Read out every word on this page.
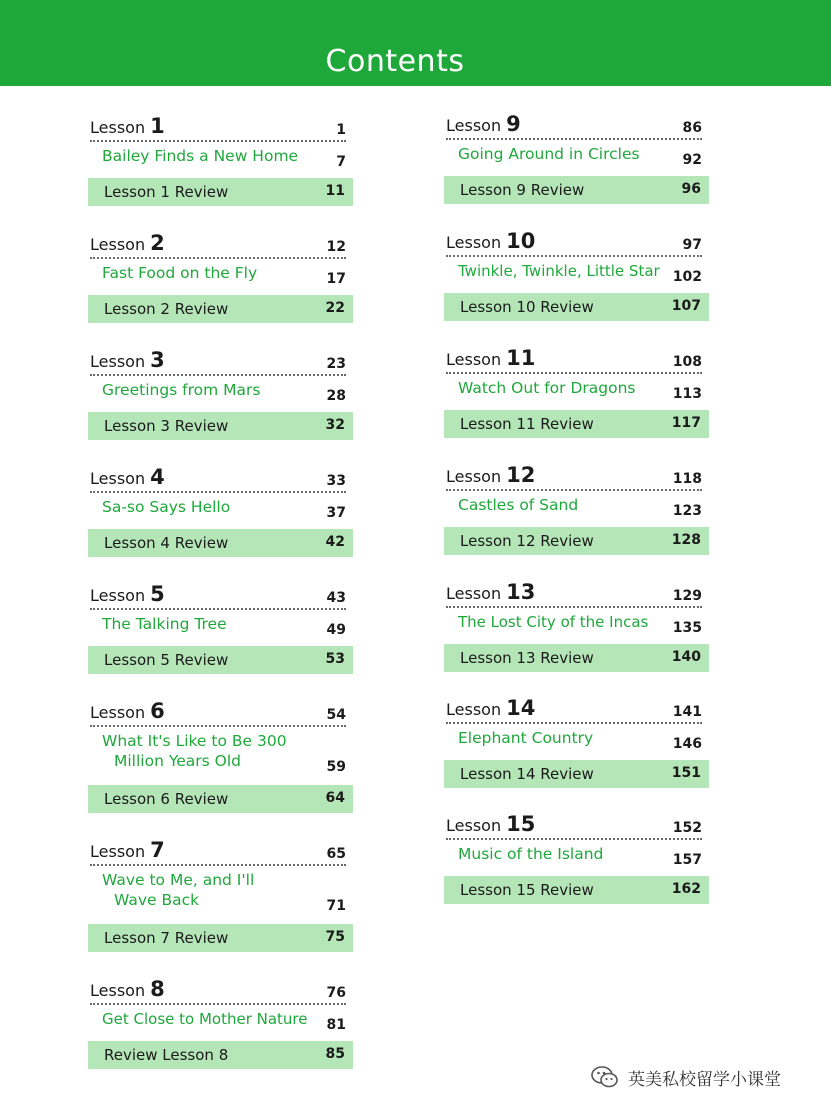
Contents
Lesson 1	1
Bailey Finds a New Home	7
Lesson 1 Review	11
Lesson 2	12
Fast Food on the Fly	17
Lesson 2 Review	22
Lesson 3	23
Greetings from Mars	28
Lesson 3 Review	32
Lesson 4	33
Sa-so Says Hello	37
Lesson 4 Review	42
Lesson 5	43
The Talking Tree	49
Lesson 5 Review	53
Lesson 6	54
What It's Like to Be 300
Million Years Old	59
Lesson 6 Review	64
Lesson 7	65
Wave to Me, and I'll
Wave Back	71
Lesson 7 Review	75
Lesson 8	76
Get Close to Mother Nature	81
Review Lesson 8	85
Lesson 9	86
Going Around in Circles	92
Lesson 9 Review	96
Lesson 10	97
Twinkle, Twinkle, Little Star 102
Lesson 10 Review	107
Lesson 11	108
Watch Out for Dragons	113
Lesson 11 Review	117
Lesson 12	118
Castles of Sand	123
Lesson 12 Review	128
Lesson 13	129
The Lost City of the Incas	135
Lesson 13 Review	140
Lesson 14	141
Elephant Country	146
Lesson 14 Review	151
Lesson 15	152
Music of the Island	157
Lesson 15 Review	162
英美私校留学小课堂
